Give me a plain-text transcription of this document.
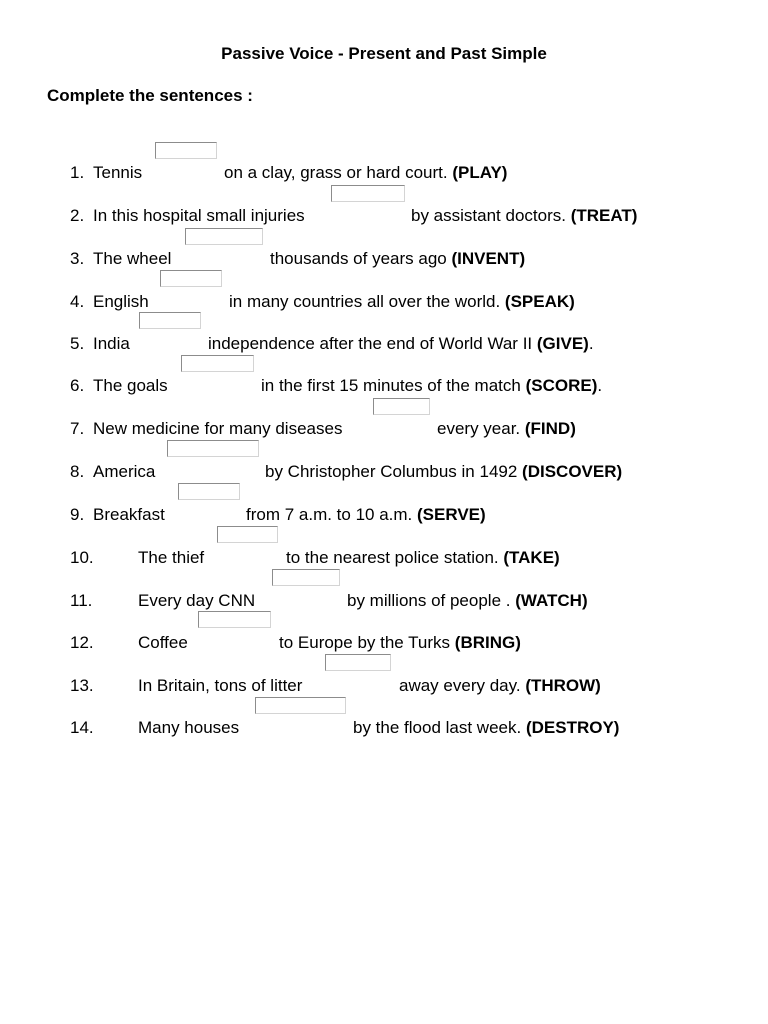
Passive Voice - Present and Past Simple
Complete the sentences :
1. Tennis	on a clay, grass or hard court. (PLAY)
2. In this hospital small injuries	by assistant doctors. (TREAT)
3. The wheel	thousands of years ago (INVENT)
4. English	in many countries all over the world. (SPEAK)
5. India	independence after the end of World War II (GIVE).
6. The goals	in the first 15 minutes of the match (SCORE).
7. New medicine for many diseases	every year. (FIND)
8. America	by Christopher Columbus in 1492 (DISCOVER)
9. Breakfast	from 7 a.m. to 10 a.m. (SERVE)
10.	The thief	to the nearest police station. (TAKE)
11.	Every day CNN	by millions of people . (WATCH)
12.	Coffee	to Europe by the Turks (BRING)
13.	In Britain, tons of litter	away every day. (THROW)
14.	Many houses	by the flood last week. (DESTROY)
